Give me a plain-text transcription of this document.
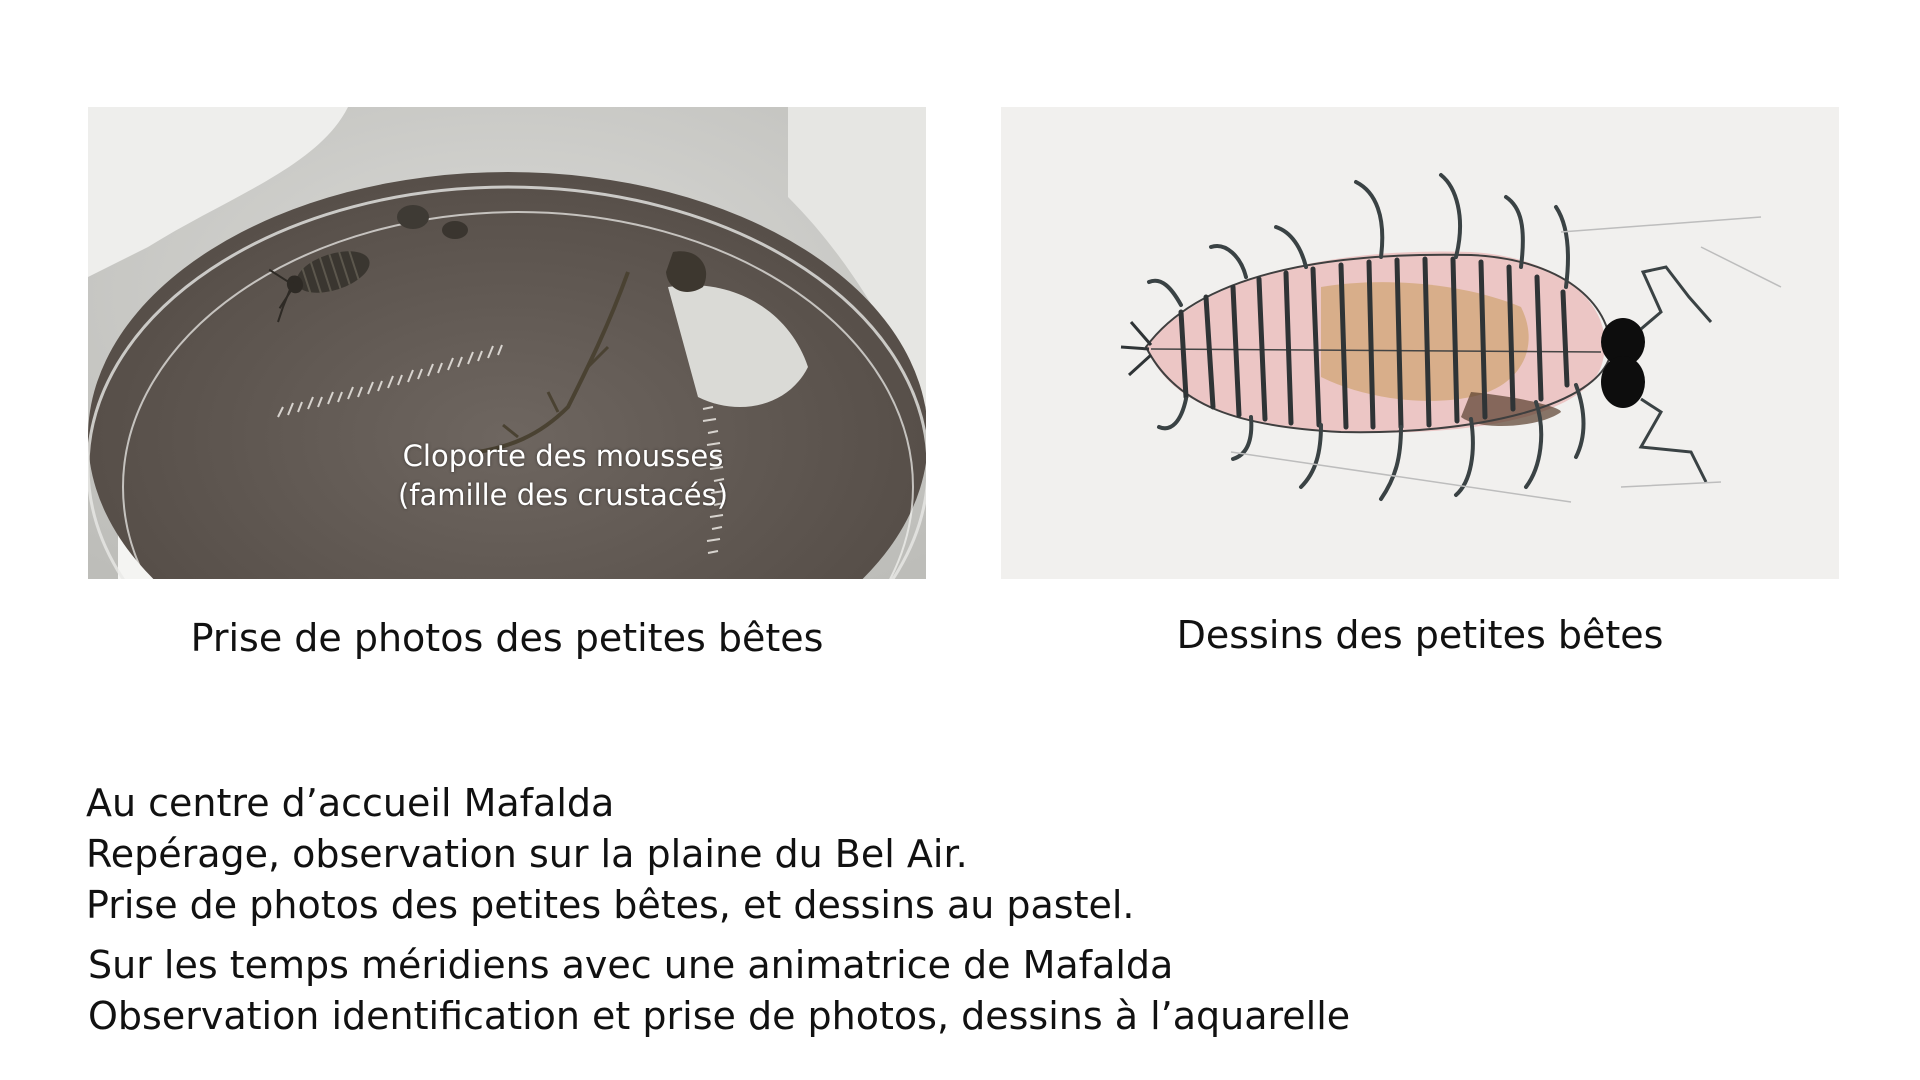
Cloporte des mousses
(famille des crustacés)
Prise de photos des petites bêtes	Dessins des petites bêtes
Au centre d’accueil Mafalda
Repérage, observation sur la plaine du Bel Air.
Prise de photos des petites bêtes, et dessins au pastel.
Sur les temps méridiens avec une animatrice de Mafalda
Observation identification et prise de photos, dessins à l’aquarelle
